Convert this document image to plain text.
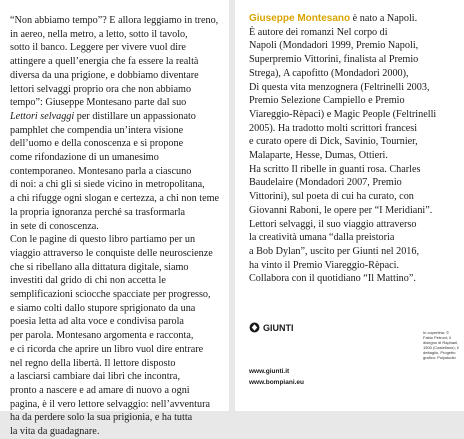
“Non abbiamo tempo”? E allora leggiamo in treno,
in aereo, nella metro, a letto, sotto il tavolo,
sotto il banco. Leggere per vivere vuol dire
attingere a quell’energia che fa essere la realtà
diversa da una prigione, e dobbiamo diventare
lettori selvaggi proprio ora che non abbiamo
tempo”: Giuseppe Montesano parte dal suo
Lettori selvaggi per distillare un appassionato
pamphlet che compendia un’intera visione
dell’uomo e della conoscenza e si propone
come rifondazione di un umanesimo
contemporaneo. Montesano parla a ciascuno
di noi: a chi gli si siede vicino in metropolitana,
a chi rifugge ogni slogan e certezza, a chi non teme
la propria ignoranza perché sa trasformarla
in sete di conoscenza.
Con le pagine di questo libro partiamo per un
viaggio attraverso le conquiste delle neuroscienze
che si ribellano alla dittatura digitale, siamo
investiti dal grido di chi non accetta le
semplificazioni sciocche spacciate per progresso,
e siamo colti dallo stupore sprigionato da una
poesia letta ad alta voce e condivisa parola
per parola. Montesano argomenta e racconta,
e ci ricorda che aprire un libro vuol dire entrare
nel regno della libertà. Il lettore disposto
a lasciarsi cambiare dai libri che incontra,
pronto a nascere e ad amare di nuovo a ogni
pagina, è il vero lettore selvaggio: nell’avventura
ha da perdere solo la sua prigionia, e ha tutta
la vita da guadagnare.
Giuseppe Montesano è nato a Napoli.
È autore dei romanzi Nel corpo di
Napoli (Mondadori 1999, Premio Napoli,
Superpremio Vittorini, finalista al Premio
Strega), A capofitto (Mondadori 2000),
Di questa vita menzognera (Feltrinelli 2003,
Premio Selezione Campiello e Premio
Viareggio-Rèpaci) e Magic People (Feltrinelli
2005). Ha tradotto molti scrittori francesi
e curato opere di Dick, Savinio, Tournier,
Malaparte, Hesse, Dumas, Ottieri.
Ha scritto Il ribelle in guanti rosa. Charles
Baudelaire (Mondadori 2007, Premio
Vittorini), sul poeta di cui ha curato, con
Giovanni Raboni, le opere per “I Meridiani”.
Lettori selvaggi, il suo viaggio attraverso
la creatività umana “dalla preistoria
a Bob Dylan”, uscito per Giunti nel 2016,
ha vinto il Premio Viareggio-Rèpaci.
Collabora con il quotidiano “Il Mattino”.
GIUNTI
www.giunti.it
www.bompiani.eu
In copertina: © Fabio Petroni; il disegno di Raphael, 1500 (Castellano); il dettaglio, Progetto grafico: Polystudio
